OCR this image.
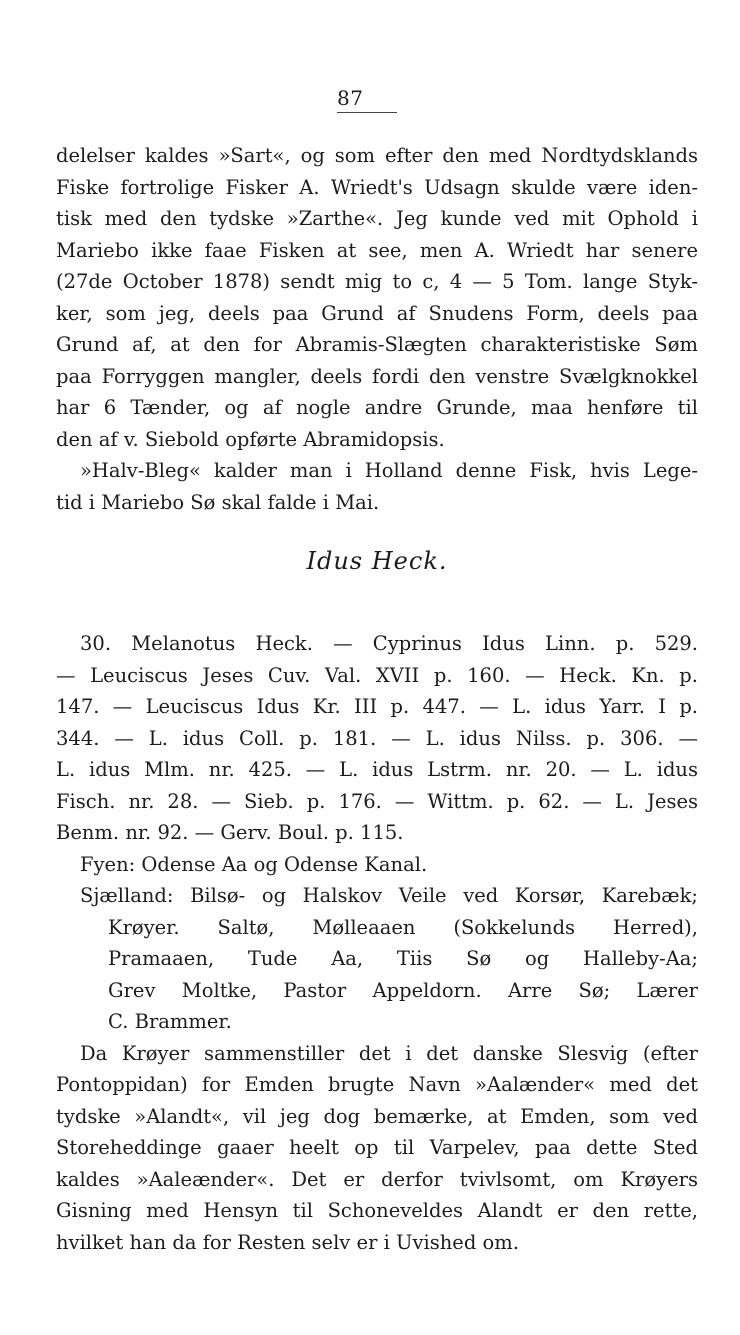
87
delelser kaldes »Sart«, og som efter den med Nordtydsklands
Fiske fortrolige Fisker A. Wriedt's Udsagn skulde være iden-
tisk med den tydske »Zarthe«. Jeg kunde ved mit Ophold i
Mariebo ikke faae Fisken at see, men A. Wriedt har senere
(27de October 1878) sendt mig to c, 4 — 5 Tom. lange Styk-
ker, som jeg, deels paa Grund af Snudens Form, deels paa
Grund af, at den for Abramis-Slægten charakteristiske Søm
paa Forryggen mangler, deels fordi den venstre Svælgknokkel
har 6 Tænder, og af nogle andre Grunde, maa henføre til
den af v. Siebold opførte Abramidopsis.
»Halv-Bleg« kalder man i Holland denne Fisk, hvis Lege-
tid i Mariebo Sø skal falde i Mai.
Idus Heck.
30. Melanotus Heck. — Cyprinus Idus Linn. p. 529.
— Leuciscus Jeses Cuv. Val. XVII p. 160. — Heck. Kn. p.
147. — Leuciscus Idus Kr. III p. 447. — L. idus Yarr. I p.
344. — L. idus Coll. p. 181. — L. idus Nilss. p. 306. —
L. idus Mlm. nr. 425. — L. idus Lstrm. nr. 20. — L. idus
Fisch. nr. 28. — Sieb. p. 176. — Wittm. p. 62. — L. Jeses
Benm. nr. 92. — Gerv. Boul. p. 115.
Fyen: Odense Aa og Odense Kanal.
Sjælland: Bilsø- og Halskov Veile ved Korsør, Karebæk;
Krøyer. Saltø, Mølleaaen (Sokkelunds Herred),
Pramaaen, Tude Aa, Tiis Sø og Halleby-Aa;
Grev Moltke, Pastor Appeldorn. Arre Sø; Lærer
C. Brammer.
Da Krøyer sammenstiller det i det danske Slesvig (efter
Pontoppidan) for Emden brugte Navn »Aalænder« med det
tydske »Alandt«, vil jeg dog bemærke, at Emden, som ved
Storeheddinge gaaer heelt op til Varpelev, paa dette Sted
kaldes »Aaleænder«. Det er derfor tvivlsomt, om Krøyers
Gisning med Hensyn til Schoneveldes Alandt er den rette,
hvilket han da for Resten selv er i Uvished om.
